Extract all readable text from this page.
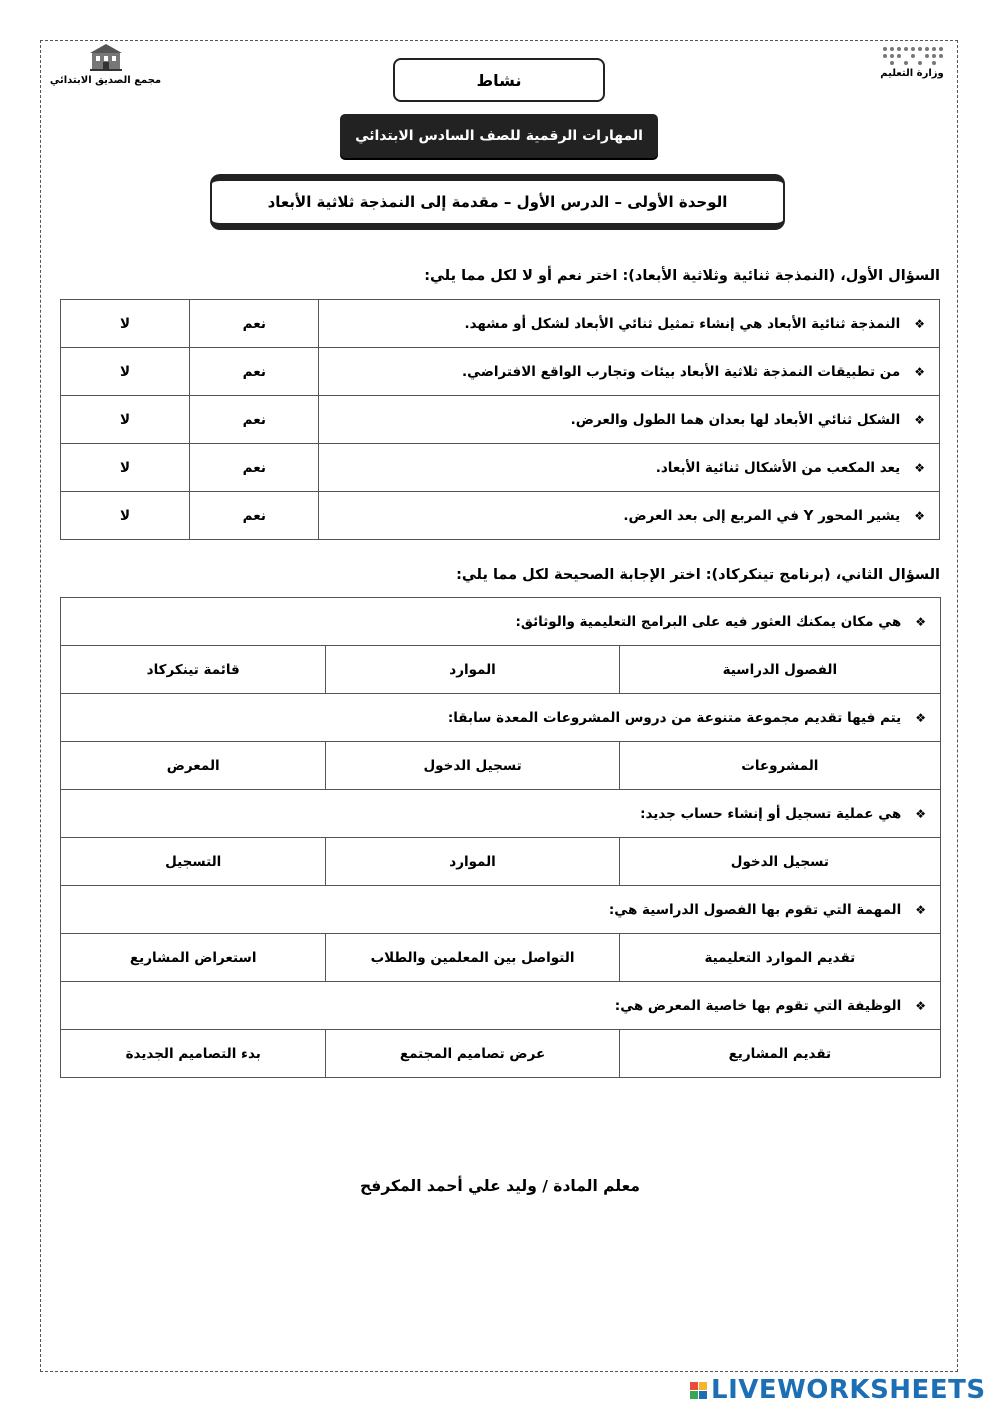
مجمع الصديق الابتدائي
وزارة التعليم
نشاط
المهارات الرقمية للصف السادس الابتدائي
الوحدة الأولى – الدرس الأول – مقدمة إلى النمذجة ثلاثية الأبعاد
السؤال الأول، (النمذجة ثنائية وثلاثية الأبعاد): اختر نعم أو لا لكل مما يلي:
لا	نعم	❖النمذجة ثنائية الأبعاد هي إنشاء تمثيل ثنائي الأبعاد لشكل أو مشهد.
لا	نعم	❖من تطبيقات النمذجة ثلاثية الأبعاد بيئات وتجارب الواقع الافتراضي.
لا	نعم	❖الشكل ثنائي الأبعاد لها بعدان هما الطول والعرض.
لا	نعم	❖يعد المكعب من الأشكال ثنائية الأبعاد.
لا	نعم	❖يشير المحور Y في المربع إلى بعد العرض.
السؤال الثاني، (برنامج تينكركاد): اختر الإجابة الصحيحة لكل مما يلي:
❖هي مكان يمكنك العثور فيه على البرامج التعليمية والوثائق:		
قائمة تينكركاد	الموارد	الفصول الدراسية
❖يتم فيها تقديم مجموعة متنوعة من دروس المشروعات المعدة سابقا:		
المعرض	تسجيل الدخول	المشروعات
❖هي عملية تسجيل أو إنشاء حساب جديد:		
التسجيل	الموارد	تسجيل الدخول
❖المهمة التي تقوم بها الفصول الدراسية هي:		
استعراض المشاريع	التواصل بين المعلمين والطلاب	تقديم الموارد التعليمية
❖الوظيفة التي تقوم بها خاصية المعرض هي:		
بدء التصاميم الجديدة	عرض تصاميم المجتمع	تقديم المشاريع
معلم المادة / وليد علي أحمد المكرفح
LIVEWORKSHEETS
